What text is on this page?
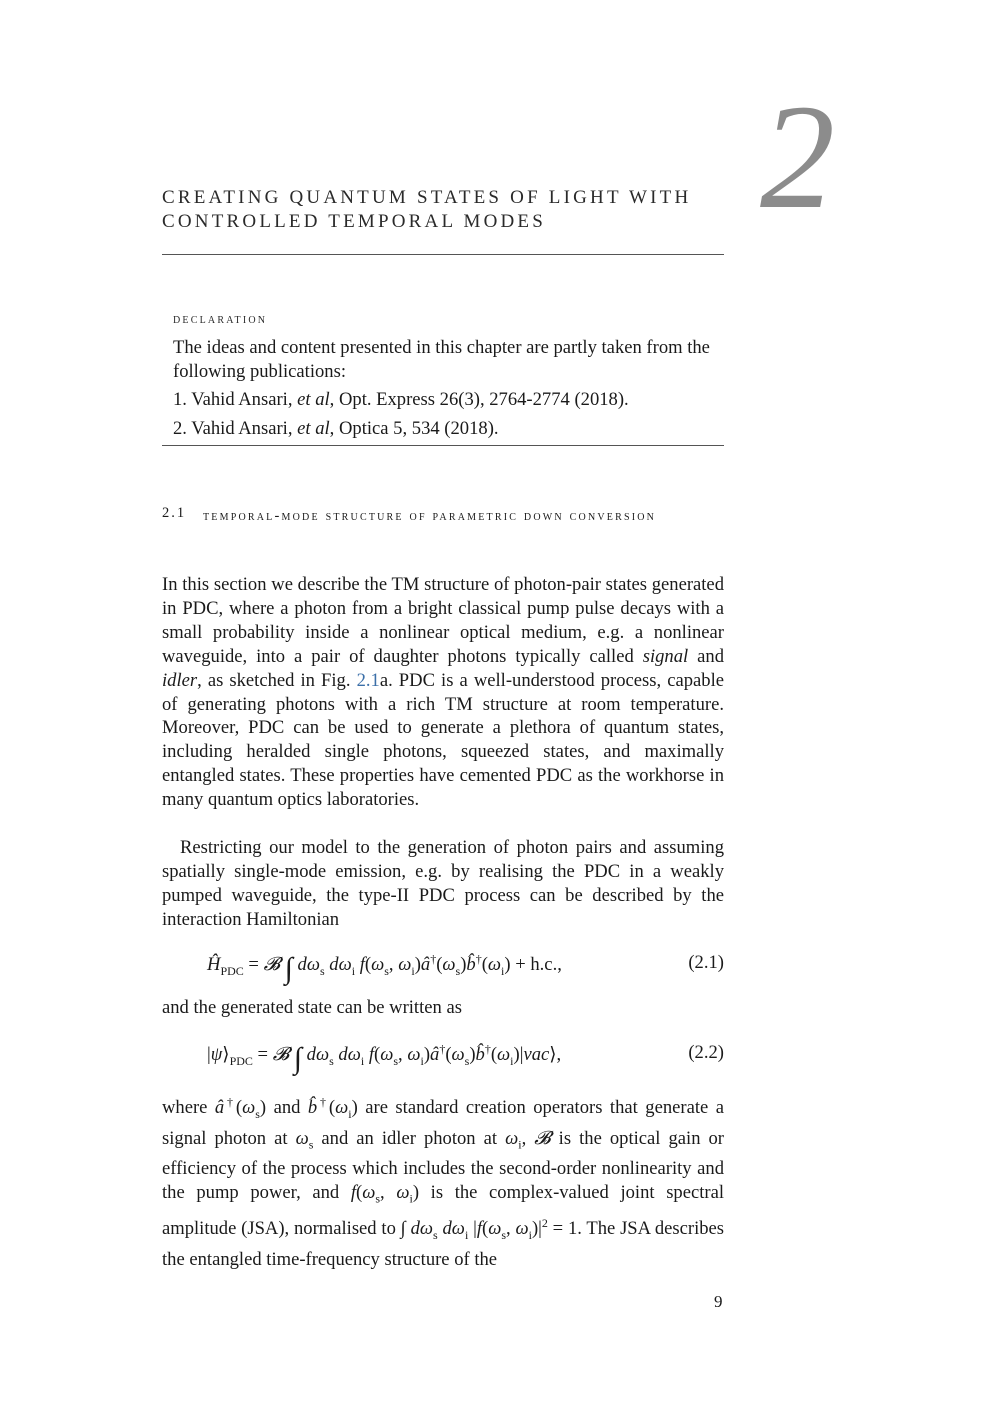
2
CREATING QUANTUM STATES OF LIGHT WITH
CONTROLLED TEMPORAL MODES
declaration
The ideas and content presented in this chapter are partly taken from the following publications:
1. Vahid Ansari, et al, Opt. Express 26(3), 2764-2774 (2018).
2. Vahid Ansari, et al, Optica 5, 534 (2018).
2.1 temporal-mode structure of parametric down conversion

In this section we describe the TM structure of photon-pair states generated in PDC, where a photon from a bright classical pump pulse decays with a small probability inside a nonlinear optical medium, e.g. a nonlinear waveguide, into a pair of daughter photons typically called signal and idler, as sketched in Fig. 2.1a. PDC is a well-understood process, capable of generating photons with a rich TM structure at room temperature. Moreover, PDC can be used to generate a plethora of quantum states, including heralded single photons, squeezed states, and maximally entangled states. These properties have cemented PDC as the workhorse in many quantum optics laboratories.

Restricting our model to the generation of photon pairs and assuming spatially single-mode emission, e.g. by realising the PDC in a weakly pumped waveguide, the type-II PDC process can be described by the interaction Hamiltonian

$Ĥ_{PDC}$ = 𝓑 ∫ $d\omega_s$ $d\omega_i$ $f(\omega_s$, $\omega_i)â^\dagger(\omega_s)b̂^\dagger(\omega_i) + h.c$.,	(2.1)

and the generated state can be written as

$|\psi⟩_{PDC}$ = 𝓑 ∫ $d\omega_s$ $d\omega_i$ $f(\omega_s$, $\omega_i)â^\dagger(\omega_s)b̂^\dagger(\omega_i)|vac⟩$,	(2.2)

where $â^\dagger(\omega_s)$ and $b̂^\dagger(\omega_i)$ are standard creation operators that generate a signal photon at $\omega_s$ and an idler photon at $\omega_i$, 𝓑 is the optical gain or efficiency of the process which includes the second-order nonlinearity and the pump power, and $f(\omega_s$, $\omega_i$) is the complex-valued joint spectral amplitude (JSA), normalised to ∫ $d\omega_s$ $d\omega_i$ $|f(\omega_s$, $\omega_i)|^2 = 1$. The JSA describes the entangled time-frequency structure of the

9
